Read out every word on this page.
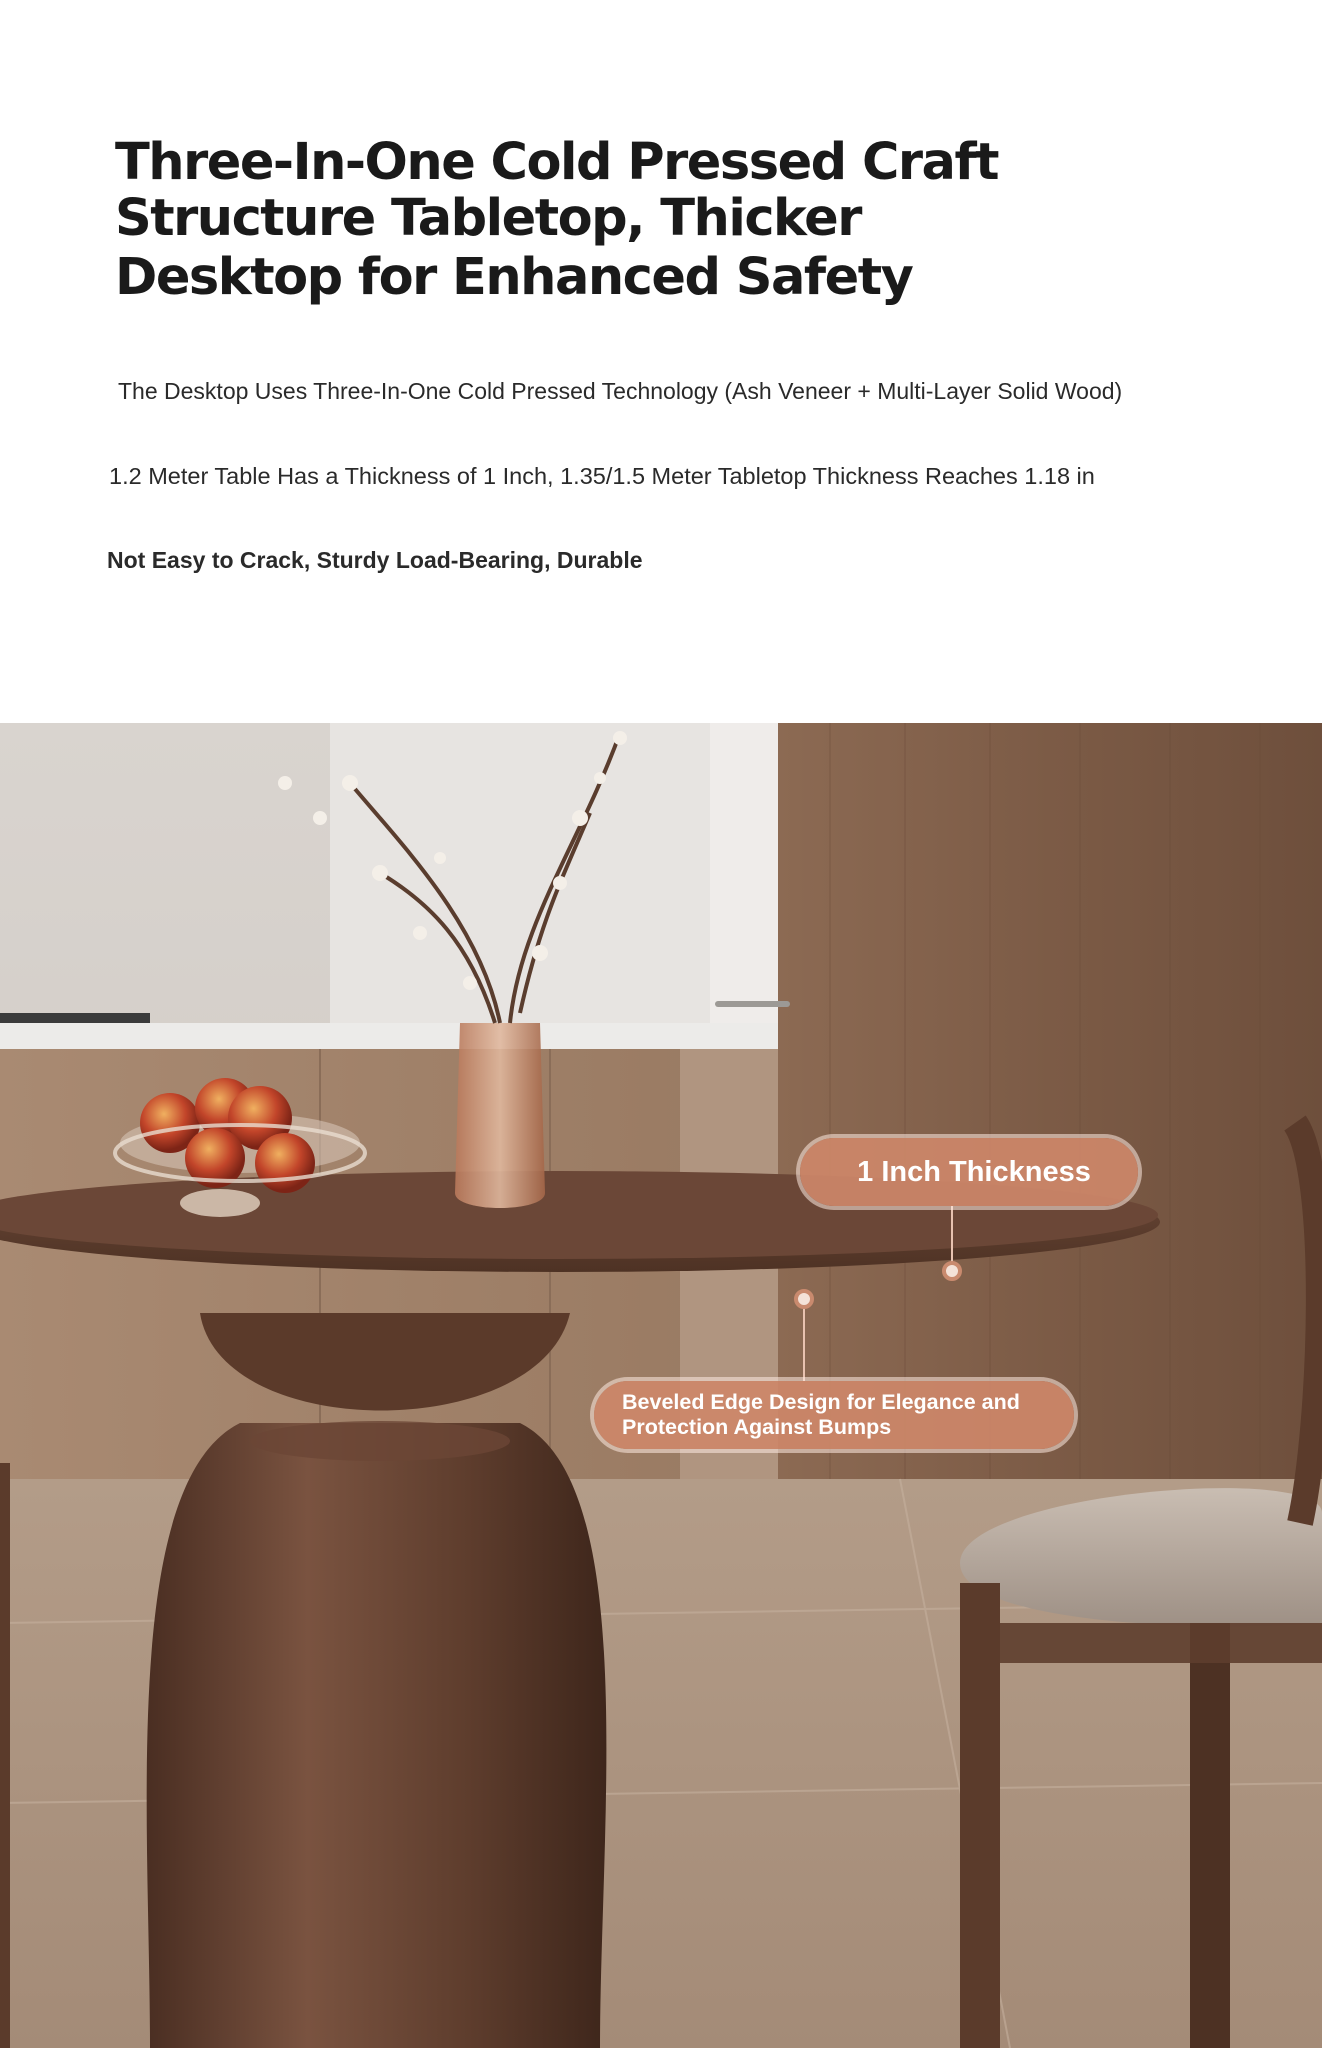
Three-In-One Cold Pressed Craft
Structure Tabletop, Thicker
Desktop for Enhanced Safety

The Desktop Uses Three-In-One Cold Pressed Technology (Ash Veneer + Multi-Layer Solid Wood)

1.2 Meter Table Has a Thickness of 1 Inch, 1.35/1.5 Meter Tabletop Thickness Reaches 1.18 in

Not Easy to Crack, Sturdy Load-Bearing, Durable

1 Inch Thickness
Beveled Edge Design for Elegance and
Protection Against Bumps
